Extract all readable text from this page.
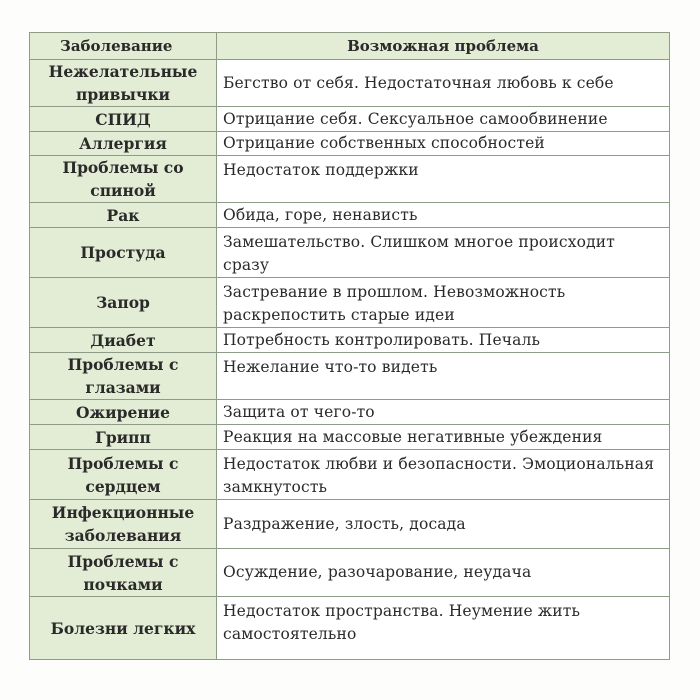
Заболевание	Возможная проблема
Нежелательные привычки	Бегство от себя. Недостаточная любовь к себе
СПИД	Отрицание себя. Сексуальное самообвинение
Аллергия	Отрицание собственных способностей
Проблемы со спиной	Недостаток поддержки
Рак	Обида, горе, ненависть
Простуда	Замешательство. Слишком многое происходит сразу
Запор	Застревание в прошлом. Невозможность раскрепостить старые идеи
Диабет	Потребность контролировать. Печаль
Проблемы с глазами	Нежелание что-то видеть
Ожирение	Защита от чего-то
Грипп	Реакция на массовые негативные убеждения
Проблемы с сердцем	Недостаток любви и безопасности. Эмоциональная замкнутость
Инфекционные заболевания	Раздражение, злость, досада
Проблемы с почками	Осуждение, разочарование, неудача
Болезни легких	Недостаток пространства. Неумение жить самостоятельно
